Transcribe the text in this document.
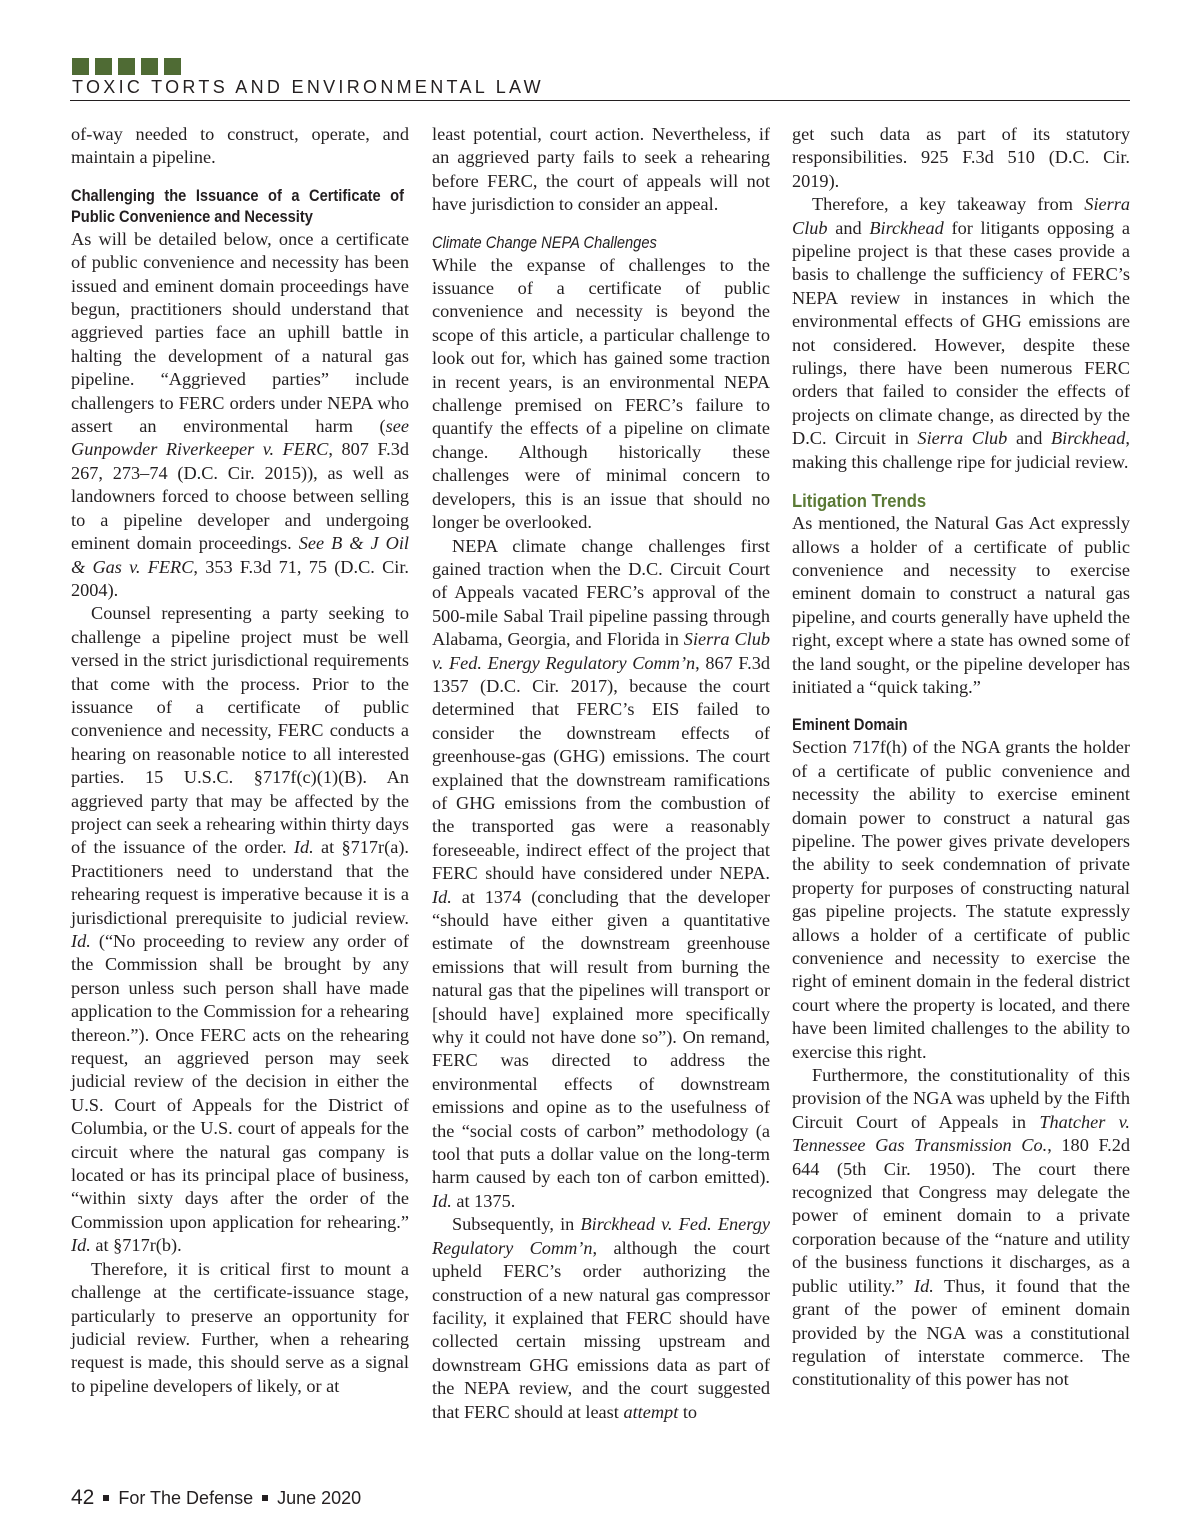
TOXIC TORTS AND ENVIRONMENTAL LAW

of-way needed to construct, operate, and maintain a pipeline.

Challenging the Issuance of a Certificate of Public Convenience and Necessity

As will be detailed below, once a certificate of public convenience and necessity has been issued and eminent domain proceedings have begun, practitioners should understand that aggrieved parties face an uphill battle in halting the development of a natural gas pipeline. “Aggrieved parties” include challengers to FERC orders under NEPA who assert an environmental harm (see Gunpowder Riverkeeper v. FERC, 807 F.3d 267, 273–74 (D.C. Cir. 2015)), as well as landowners forced to choose between selling to a pipeline developer and undergoing eminent domain proceedings. See B & J Oil & Gas v. FERC, 353 F.3d 71, 75 (D.C. Cir. 2004).

Counsel representing a party seeking to challenge a pipeline project must be well versed in the strict jurisdictional requirements that come with the process. Prior to the issuance of a certificate of public convenience and necessity, FERC conducts a hearing on reasonable notice to all interested parties. 15 U.S.C. §717f(c)(1)(B). An aggrieved party that may be affected by the project can seek a rehearing within thirty days of the issuance of the order. Id. at §717r(a). Practitioners need to understand that the rehearing request is imperative because it is a jurisdictional prerequisite to judicial review. Id. (“No proceeding to review any order of the Commission shall be brought by any person unless such person shall have made application to the Commission for a rehearing thereon.”). Once FERC acts on the rehearing request, an aggrieved person may seek judicial review of the decision in either the U.S. Court of Appeals for the District of Columbia, or the U.S. court of appeals for the circuit where the natural gas company is located or has its principal place of business, “within sixty days after the order of the Commission upon application for rehearing.” Id. at §717r(b).

Therefore, it is critical first to mount a challenge at the certificate-issuance stage, particularly to preserve an opportunity for judicial review. Further, when a rehearing request is made, this should serve as a signal to pipeline developers of likely, or at

least potential, court action. Nevertheless, if an aggrieved party fails to seek a rehearing before FERC, the court of appeals will not have jurisdiction to consider an appeal.

Climate Change NEPA Challenges

While the expanse of challenges to the issuance of a certificate of public convenience and necessity is beyond the scope of this article, a particular challenge to look out for, which has gained some traction in recent years, is an environmental NEPA challenge premised on FERC’s failure to quantify the effects of a pipeline on climate change. Although historically these challenges were of minimal concern to developers, this is an issue that should no longer be overlooked.

NEPA climate change challenges first gained traction when the D.C. Circuit Court of Appeals vacated FERC’s approval of the 500-mile Sabal Trail pipeline passing through Alabama, Georgia, and Florida in Sierra Club v. Fed. Energy Regulatory Comm’n, 867 F.3d 1357 (D.C. Cir. 2017), because the court determined that FERC’s EIS failed to consider the downstream effects of greenhouse-gas (GHG) emissions. The court explained that the downstream ramifications of GHG emissions from the combustion of the transported gas were a reasonably foreseeable, indirect effect of the project that FERC should have considered under NEPA. Id. at 1374 (concluding that the developer “should have either given a quantitative estimate of the downstream greenhouse emissions that will result from burning the natural gas that the pipelines will transport or [should have] explained more specifically why it could not have done so”). On remand, FERC was directed to address the environmental effects of downstream emissions and opine as to the usefulness of the “social costs of carbon” methodology (a tool that puts a dollar value on the long-term harm caused by each ton of carbon emitted). Id. at 1375.

Subsequently, in Birckhead v. Fed. Energy Regulatory Comm’n, although the court upheld FERC’s order authorizing the construction of a new natural gas compressor facility, it explained that FERC should have collected certain missing upstream and downstream GHG emissions data as part of the NEPA review, and the court suggested that FERC should at least attempt to

get such data as part of its statutory responsibilities. 925 F.3d 510 (D.C. Cir. 2019).

Therefore, a key takeaway from Sierra Club and Birckhead for litigants opposing a pipeline project is that these cases provide a basis to challenge the sufficiency of FERC’s NEPA review in instances in which the environmental effects of GHG emissions are not considered. However, despite these rulings, there have been numerous FERC orders that failed to consider the effects of projects on climate change, as directed by the D.C. Circuit in Sierra Club and Birckhead, making this challenge ripe for judicial review.

Litigation Trends

As mentioned, the Natural Gas Act expressly allows a holder of a certificate of public convenience and necessity to exercise eminent domain to construct a natural gas pipeline, and courts generally have upheld the right, except where a state has owned some of the land sought, or the pipeline developer has initiated a “quick taking.”

Eminent Domain

Section 717f(h) of the NGA grants the holder of a certificate of public convenience and necessity the ability to exercise eminent domain power to construct a natural gas pipeline. The power gives private developers the ability to seek condemnation of private property for purposes of constructing natural gas pipeline projects. The statute expressly allows a holder of a certificate of public convenience and necessity to exercise the right of eminent domain in the federal district court where the property is located, and there have been limited challenges to the ability to exercise this right.

Furthermore, the constitutionality of this provision of the NGA was upheld by the Fifth Circuit Court of Appeals in Thatcher v. Tennessee Gas Transmission Co., 180 F.2d 644 (5th Cir. 1950). The court there recognized that Congress may delegate the power of eminent domain to a private corporation because of the “nature and utility of the business functions it discharges, as a public utility.” Id. Thus, it found that the grant of the power of eminent domain provided by the NGA was a constitutional regulation of interstate commerce. The constitutionality of this power has not

42 For The Defense June 2020
